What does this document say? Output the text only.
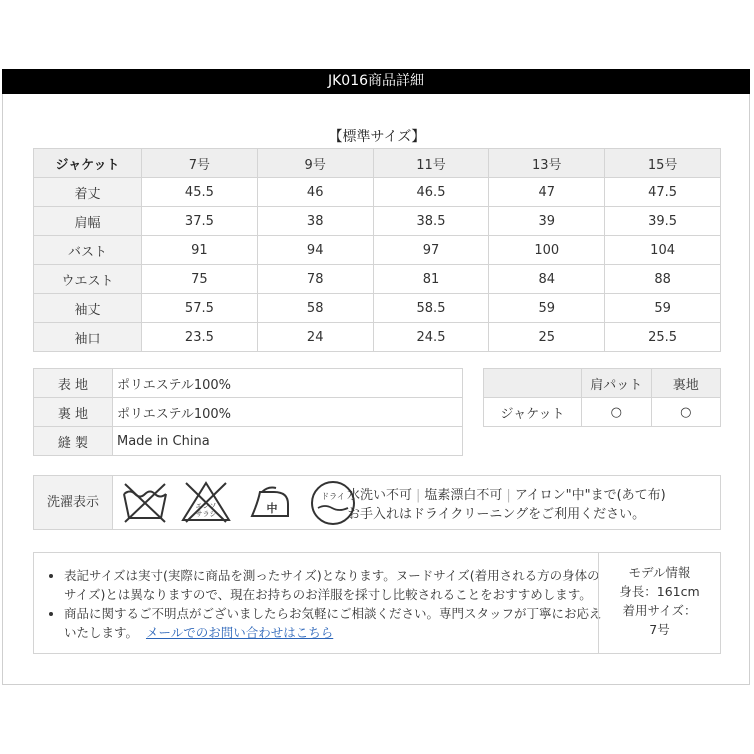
JK016商品詳細
【標準サイズ】
ジャケット	7号	9号	11号	13号	15号
着丈	45.5	46	46.5	47	47.5
肩幅	37.5	38	38.5	39	39.5
バスト	91	94	97	100	104
ウエスト	75	78	81	84	88
袖丈	57.5	58	58.5	59	59
袖口	23.5	24	24.5	25	25.5
表 地	ポリエステル100%
裏 地	ポリエステル100%
縫 製	Made in China
	肩パット	裏地
ジャケット	○	○
洗濯表示	エンソ
サラシ	中
ドライ 水洗い不可 | 塩素漂白不可 | アイロン"中"まで(あて布)
お手入れはドライクリーニングをご利用ください。
• 表記サイズは実寸(実際に商品を測ったサイズ)となります。ヌードサイズ(着用される方の身体のサイズ)とは異なりますので、現在お持ちのお洋服を採寸し比較されることをおすすめします。
• 商品に関するご不明点がございましたらお気軽にご相談ください。専門スタッフが丁寧にお応えいたします。 メールでのお問い合わせはこちら
モデル情報
身長：161cm
着用サイズ：
7号
